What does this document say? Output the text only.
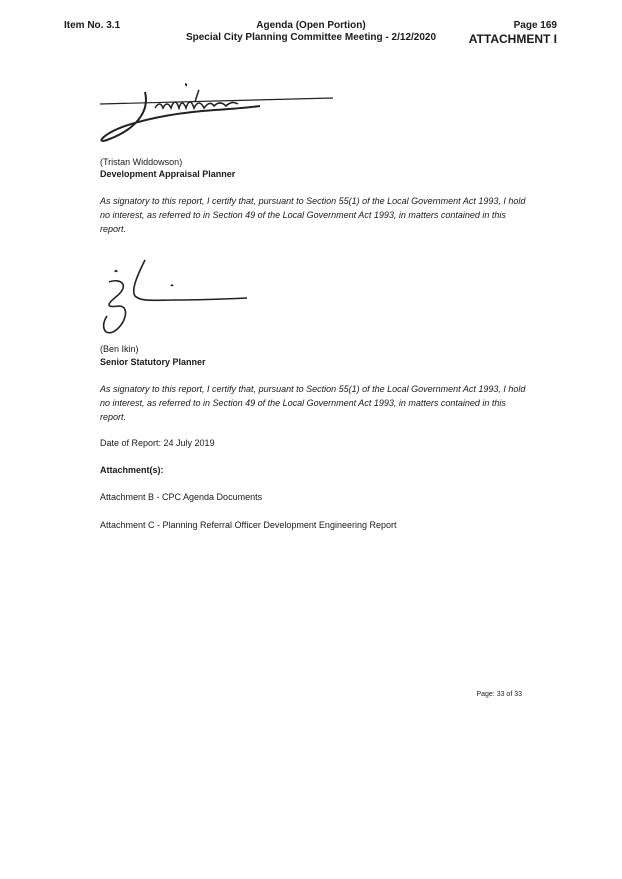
Item No. 3.1	Agenda (Open Portion)
Special City Planning Committee Meeting - 2/12/2020
Page 169
ATTACHMENT I
(Tristan Widdowson)
Development Appraisal Planner
As signatory to this report, I certify that, pursuant to Section 55(1) of the Local Government Act 1993, I hold no interest, as referred to in Section 49 of the Local Government Act 1993, in matters contained in this report.
(Ben Ikin)
Senior Statutory Planner
As signatory to this report, I certify that, pursuant to Section 55(1) of the Local Government Act 1993, I hold no interest, as referred to in Section 49 of the Local Government Act 1993, in matters contained in this report.
Date of Report: 24 July 2019
Attachment(s):
Attachment B - CPC Agenda Documents
Attachment C - Planning Referral Officer Development Engineering Report
Page: 33 of 33
